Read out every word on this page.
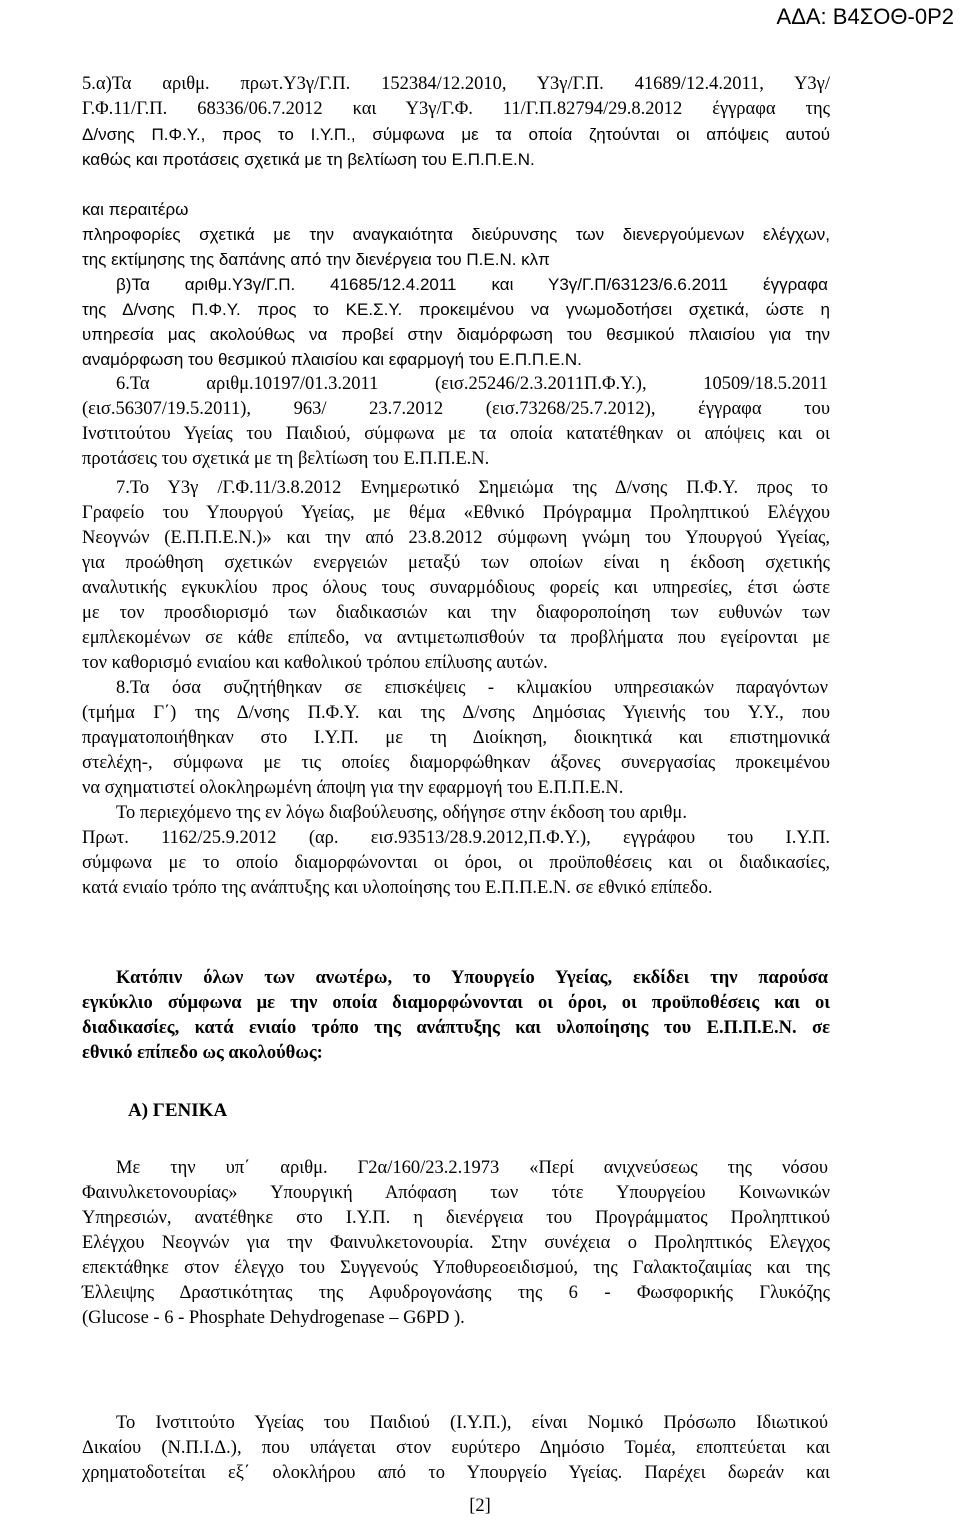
ΑΔΑ: Β4ΣΟΘ-0Ρ2
5.α)Τα αριθμ. πρωτ.Υ3γ/Γ.Π. 152384/12.2010, Υ3γ/Γ.Π. 41689/12.4.2011, Υ3γ/
Γ.Φ.11/Γ.Π. 68336/06.7.2012 και Υ3γ/Γ.Φ. 11/Γ.Π.82794/29.8.2012 έγγραφα της
Δ/νσης Π.Φ.Υ., προς το Ι.Υ.Π., σύμφωνα με τα οποία ζητούνται οι απόψεις αυτού
καθώς και προτάσεις σχετικά με τη βελτίωση του Ε.Π.Π.Ε.Ν.
και περαιτέρω
πληροφορίες σχετικά με την αναγκαιότητα διεύρυνσης των διενεργούμενων ελέγχων,
της εκτίμησης της δαπάνης από την διενέργεια του Π.Ε.Ν. κλπ
β)Τα αριθμ.Υ3γ/Γ.Π. 41685/12.4.2011 και Υ3γ/Γ.Π/63123/6.6.2011 έγγραφα
της Δ/νσης Π.Φ.Υ. προς το ΚΕ.Σ.Υ. προκειμένου να γνωμοδοτήσει σχετικά, ώστε η
υπηρεσία μας ακολούθως να προβεί στην διαμόρφωση του θεσμικού πλαισίου για την
αναμόρφωση του θεσμικού πλαισίου και εφαρμογή του Ε.Π.Π.Ε.Ν.
6.Τα αριθμ.10197/01.3.2011 (εισ.25246/2.3.2011Π.Φ.Υ.), 10509/18.5.2011
(εισ.56307/19.5.2011), 963/ 23.7.2012 (εισ.73268/25.7.2012), έγγραφα του
Ινστιτούτου Υγείας του Παιδιού, σύμφωνα με τα οποία κατατέθηκαν οι απόψεις και οι
προτάσεις του σχετικά με τη βελτίωση του Ε.Π.Π.Ε.Ν.
7.Το Υ3γ /Γ.Φ.11/3.8.2012 Ενημερωτικό Σημειώμα της Δ/νσης Π.Φ.Υ. προς το
Γραφείο του Υπουργού Υγείας, με θέμα «Εθνικό Πρόγραμμα Προληπτικού Ελέγχου
Νεογνών (Ε.Π.Π.Ε.Ν.)» και την από 23.8.2012 σύμφωνη γνώμη του Υπουργού Υγείας,
για προώθηση σχετικών ενεργειών μεταξύ των οποίων είναι η έκδοση σχετικής
αναλυτικής εγκυκλίου προς όλους τους συναρμόδιους φορείς και υπηρεσίες, έτσι ώστε
με τον προσδιορισμό των διαδικασιών και την διαφοροποίηση των ευθυνών των
εμπλεκομένων σε κάθε επίπεδο, να αντιμετωπισθούν τα προβλήματα που εγείρονται με
τον καθορισμό ενιαίου και καθολικού τρόπου επίλυσης αυτών.
8.Τα όσα συζητήθηκαν σε επισκέψεις - κλιμακίου υπηρεσιακών παραγόντων
(τμήμα Γ΄) της Δ/νσης Π.Φ.Υ. και της Δ/νσης Δημόσιας Υγιεινής του Υ.Υ., που
πραγματοποιήθηκαν στο Ι.Υ.Π. με τη Διοίκηση, διοικητικά και επιστημονικά
στελέχη-, σύμφωνα με τις οποίες διαμορφώθηκαν άξονες συνεργασίας προκειμένου
να σχηματιστεί ολοκληρωμένη άποψη για την εφαρμογή του Ε.Π.Π.Ε.Ν.
Το περιεχόμενο της εν λόγω διαβούλευσης, οδήγησε στην έκδοση του αριθμ.
Πρωτ. 1162/25.9.2012 (αρ. εισ.93513/28.9.2012,Π.Φ.Υ.), εγγράφου του Ι.Υ.Π.
σύμφωνα με το οποίο διαμορφώνονται οι όροι, οι προϋποθέσεις και οι διαδικασίες,
κατά ενιαίο τρόπο της ανάπτυξης και υλοποίησης του Ε.Π.Π.Ε.Ν. σε εθνικό επίπεδο.
Κατόπιν όλων των ανωτέρω, το Υπουργείο Υγείας, εκδίδει την παρούσα
εγκύκλιο σύμφωνα με την οποία διαμορφώνονται οι όροι, οι προϋποθέσεις και οι
διαδικασίες, κατά ενιαίο τρόπο της ανάπτυξης και υλοποίησης του Ε.Π.Π.Ε.Ν. σε
εθνικό επίπεδο ως ακολούθως:
Α) ΓΕΝΙΚΑ
Με την υπ΄ αριθμ. Γ2α/160/23.2.1973 «Περί ανιχνεύσεως της νόσου
Φαινυλκετονουρίας» Υπουργική Απόφαση των τότε Υπουργείου Κοινωνικών
Υπηρεσιών, ανατέθηκε στο Ι.Υ.Π. η διενέργεια του Προγράμματος Προληπτικού
Ελέγχου Νεογνών για την Φαινυλκετονουρία. Στην συνέχεια ο Προληπτικός Ελεγχος
επεκτάθηκε στον έλεγχο του Συγγενούς Υποθυρεοειδισμού, της Γαλακτοζαιμίας και της
Έλλειψης Δραστικότητας της Αφυδρογονάσης της 6 - Φωσφορικής Γλυκόζης
(Glucose - 6 - Phosphate Dehydrogenase – G6PD ).
Το Ινστιτούτο Υγείας του Παιδιού (Ι.Υ.Π.), είναι Νομικό Πρόσωπο Ιδιωτικού
Δικαίου (Ν.Π.Ι.Δ.), που υπάγεται στον ευρύτερο Δημόσιο Τομέα, εποπτεύεται και
χρηματοδοτείται εξ΄ ολοκλήρου από το Υπουργείο Υγείας. Παρέχει δωρεάν και
[2]
